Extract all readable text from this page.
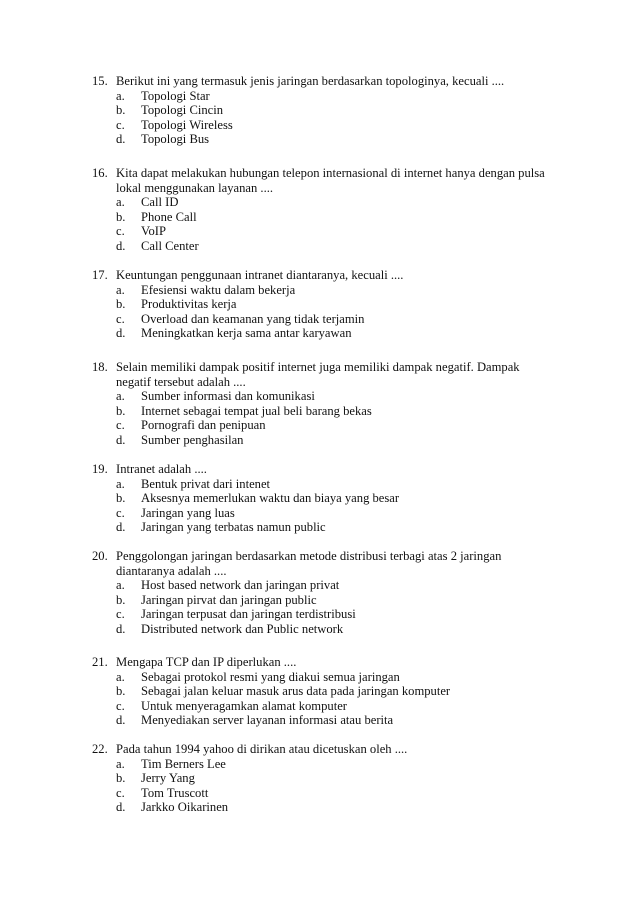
15. Berikut ini yang termasuk jenis jaringan berdasarkan topologinya, kecuali ....
a. Topologi Star
b. Topologi Cincin
c. Topologi Wireless
d. Topologi Bus
16. Kita dapat melakukan hubungan telepon internasional di internet hanya dengan pulsa
lokal menggunakan layanan ....
a. Call ID
b. Phone Call
c. VoIP
d. Call Center
17. Keuntungan penggunaan intranet diantaranya, kecuali ....
a. Efesiensi waktu dalam bekerja
b. Produktivitas kerja
c. Overload dan keamanan yang tidak terjamin
d. Meningkatkan kerja sama antar karyawan
18. Selain memiliki dampak positif internet juga memiliki dampak negatif. Dampak
negatif tersebut adalah ....
a. Sumber informasi dan komunikasi
b. Internet sebagai tempat jual beli barang bekas
c. Pornografi dan penipuan
d. Sumber penghasilan
19. Intranet adalah ....
a. Bentuk privat dari intenet
b. Aksesnya memerlukan waktu dan biaya yang besar
c. Jaringan yang luas
d. Jaringan yang terbatas namun public
20. Penggolongan jaringan berdasarkan metode distribusi terbagi atas 2 jaringan
diantaranya adalah ....
a. Host based network dan jaringan privat
b. Jaringan pirvat dan jaringan public
c. Jaringan terpusat dan jaringan terdistribusi
d. Distributed network dan Public network
21. Mengapa TCP dan IP diperlukan ....
a. Sebagai protokol resmi yang diakui semua jaringan
b. Sebagai jalan keluar masuk arus data pada jaringan komputer
c. Untuk menyeragamkan alamat komputer
d. Menyediakan server layanan informasi atau berita
22. Pada tahun 1994 yahoo di dirikan atau dicetuskan oleh ....
a. Tim Berners Lee
b. Jerry Yang
c. Tom Truscott
d. Jarkko Oikarinen
